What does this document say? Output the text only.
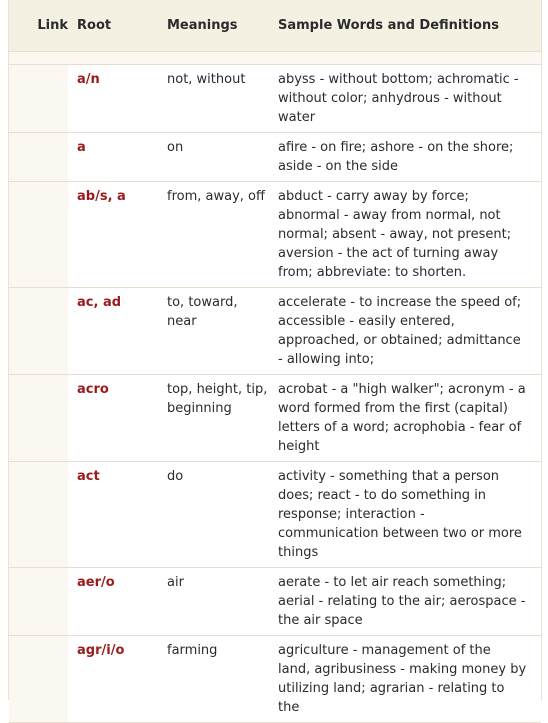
Link	Root	Meanings	Sample Words and Definitions

	a/n	not, without	abyss - without bottom; achromatic - without color; anhydrous - without water
	a	on	afire - on fire; ashore - on the shore; aside - on the side
	ab/s, a	from, away, off	abduct - carry away by force; abnormal - away from normal, not normal; absent - away, not present; aversion - the act of turning away from; abbreviate: to shorten.
	ac, ad	to, toward, near	accelerate - to increase the speed of; accessible - easily entered, approached, or obtained; admittance - allowing into;
	acro	top, height, tip, beginning	acrobat - a "high walker"; acronym - a word formed from the first (capital) letters of a word; acrophobia - fear of height
	act	do	activity - something that a person does; react - to do something in response; interaction - communication between two or more things
	aer/o	air	aerate - to let air reach something; aerial - relating to the air; aerospace - the air space
	agr/i/o	farming	agriculture - management of the land, agribusiness - making money by utilizing land; agrarian - relating to the
